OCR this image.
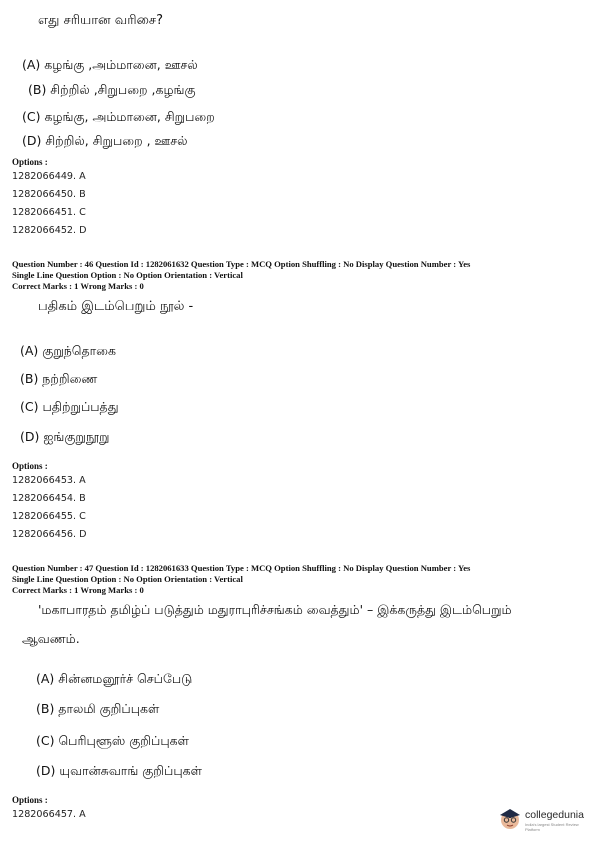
எது சரியான வரிசை?
(A) கழங்கு ,அம்மானை, ஊசல்
(B) சிற்றில் ,சிறுபறை ,கழங்கு
(C) கழங்கு, அம்மானை, சிறுபறை
(D) சிற்றில், சிறுபறை , ஊசல்
Options :
1282066449. A
1282066450. B
1282066451. C
1282066452. D
Question Number : 46 Question Id : 1282061632 Question Type : MCQ Option Shuffling : No Display Question Number : Yes
Single Line Question Option : No Option Orientation : Vertical
Correct Marks : 1 Wrong Marks : 0
பதிகம் இடம்பெறும் நூல் -
(A) குறுந்தொகை
(B) நற்றிணை
(C) பதிற்றுப்பத்து
(D) ஐங்குறுநூறு
Options :
1282066453. A
1282066454. B
1282066455. C
1282066456. D
Question Number : 47 Question Id : 1282061633 Question Type : MCQ Option Shuffling : No Display Question Number : Yes
Single Line Question Option : No Option Orientation : Vertical
Correct Marks : 1 Wrong Marks : 0
'மகாபாரதம் தமிழ்ப் படுத்தும் மதுராபுரிச்சங்கம் வைத்தும்' – இக்கருத்து இடம்பெறும்
ஆவணம்.
(A) சின்னமனூர்ச் செப்பேடு
(B) தாலமி குறிப்புகள்
(C) பெரிபுளூஸ் குறிப்புகள்
(D) யுவான்சுவாங் குறிப்புகள்
Options :
1282066457. A	collegedunia
India's largest Student Review Platform
